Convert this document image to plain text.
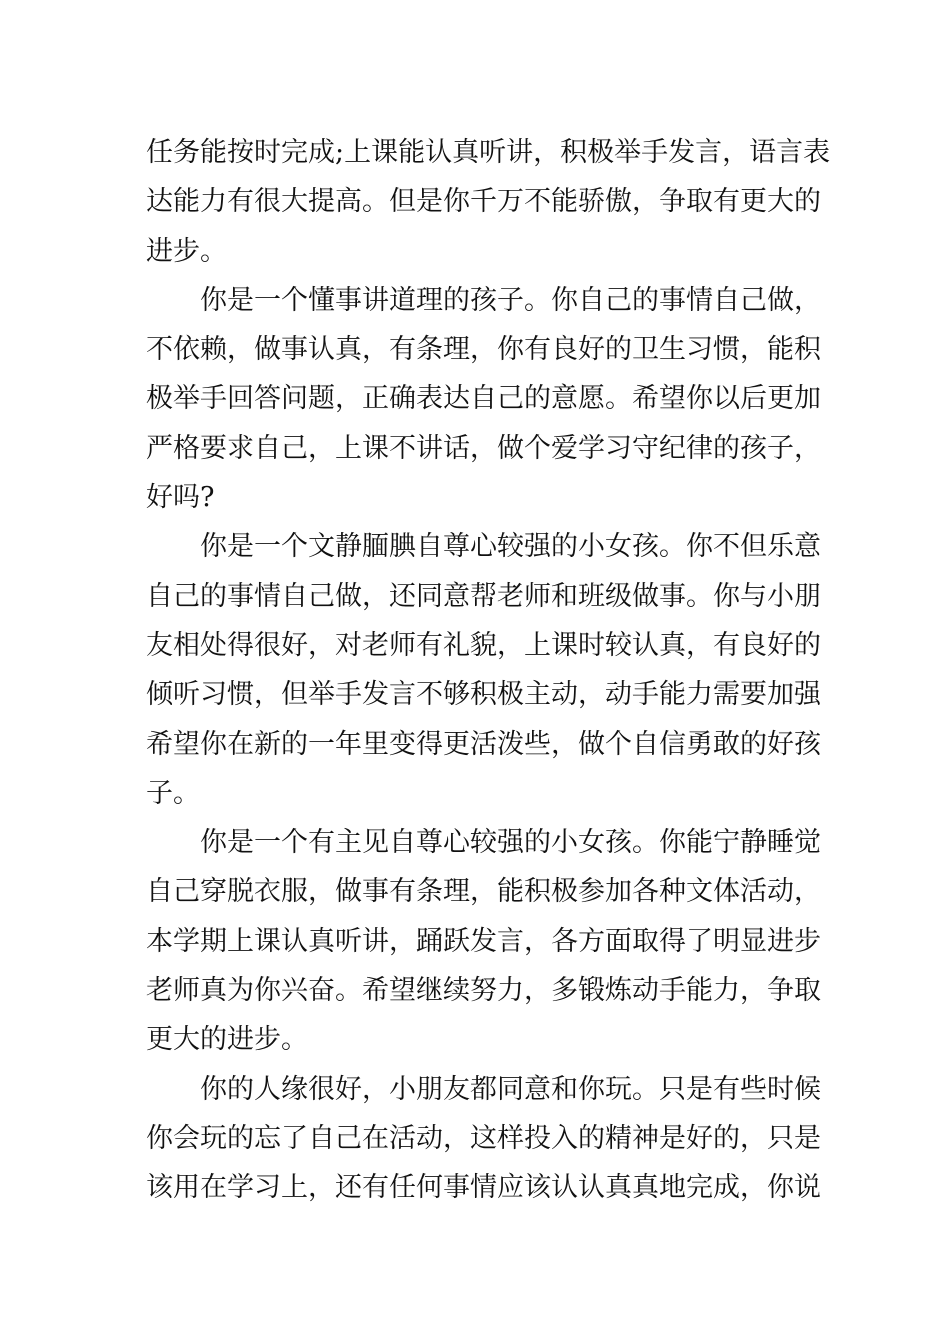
任务能按时完成;上课能认真听讲，积极举手发言，语言表
达能力有很大提高。但是你千万不能骄傲，争取有更大的
进步。

你是一个懂事讲道理的孩子。你自己的事情自己做，
不依赖，做事认真，有条理，你有良好的卫生习惯，能积
极举手回答问题，正确表达自己的意愿。希望你以后更加
严格要求自己，上课不讲话，做个爱学习守纪律的孩子，
好吗?

你是一个文静腼腆自尊心较强的小女孩。你不但乐意
自己的事情自己做，还同意帮老师和班级做事。你与小朋
友相处得很好，对老师有礼貌，上课时较认真，有良好的
倾听习惯，但举手发言不够积极主动，动手能力需要加强
希望你在新的一年里变得更活泼些，做个自信勇敢的好孩
子。

你是一个有主见自尊心较强的小女孩。你能宁静睡觉
自己穿脱衣服，做事有条理，能积极参加各种文体活动，
本学期上课认真听讲，踊跃发言，各方面取得了明显进步
老师真为你兴奋。希望继续努力，多锻炼动手能力，争取
更大的进步。

你的人缘很好，小朋友都同意和你玩。只是有些时候
你会玩的忘了自己在活动，这样投入的精神是好的，只是
该用在学习上，还有任何事情应该认认真真地完成，你说
